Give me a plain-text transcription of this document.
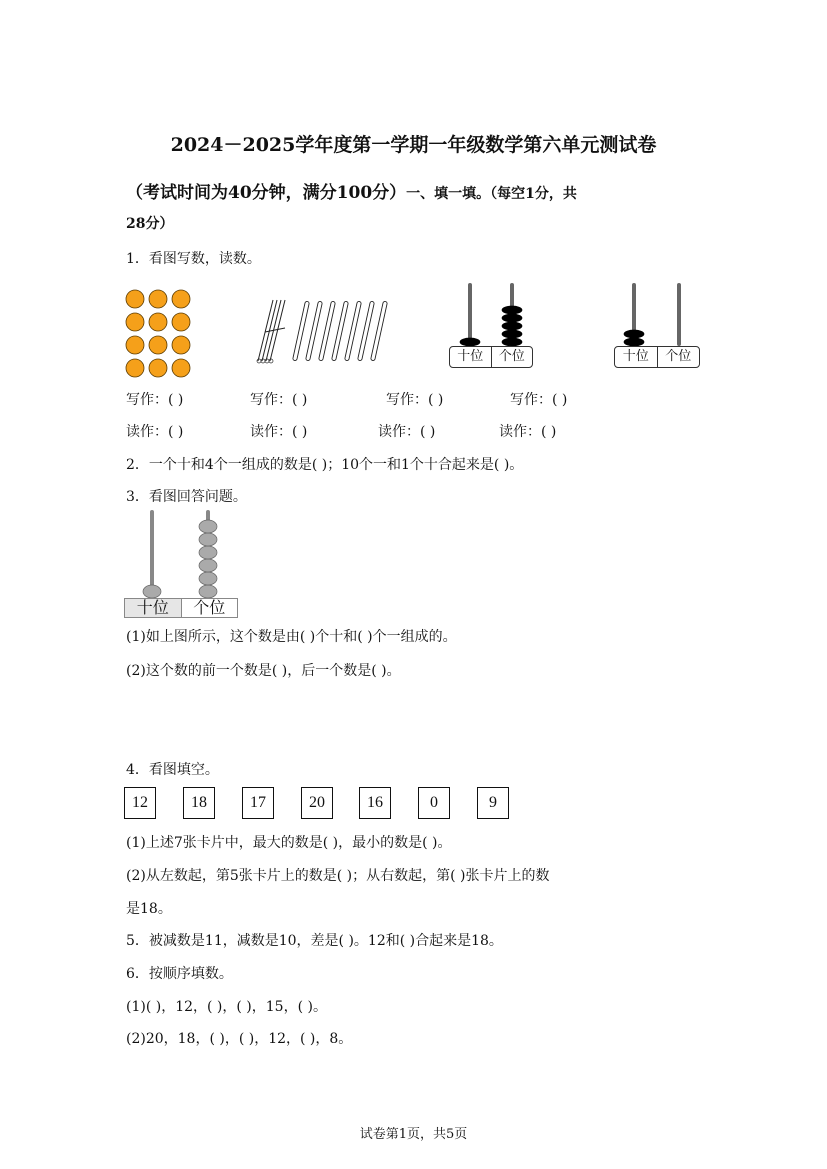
2024－2025学年度第一学期一年级数学第六单元测试卷
（考试时间为40分钟，满分100分）一、填一填。（每空1分，共
28分）
1．看图写数，读数。
十位	个位	十位	个位
写作：( )	写作：( )	写作：( )	写作：( )
读作：( )	读作：( )	读作：( )	读作：( )
2．一个十和4个一组成的数是( )；10个一和1个十合起来是( )。
3．看图回答问题。
十位	个位
(1)如上图所示，这个数是由( )个十和( )个一组成的。
(2)这个数的前一个数是( )，后一个数是( )。
4．看图填空。
12	18	17	20	16	0	9
(1)上述7张卡片中，最大的数是( )，最小的数是( )。
(2)从左数起，第5张卡片上的数是( )；从右数起，第( )张卡片上的数
是18。
5．被减数是11，减数是10，差是( )。12和( )合起来是18。
6．按顺序填数。
(1)( )，12，( )，( )，15，( )。
(2)20，18，( )，( )，12，( )，8。
试卷第1页，共5页
